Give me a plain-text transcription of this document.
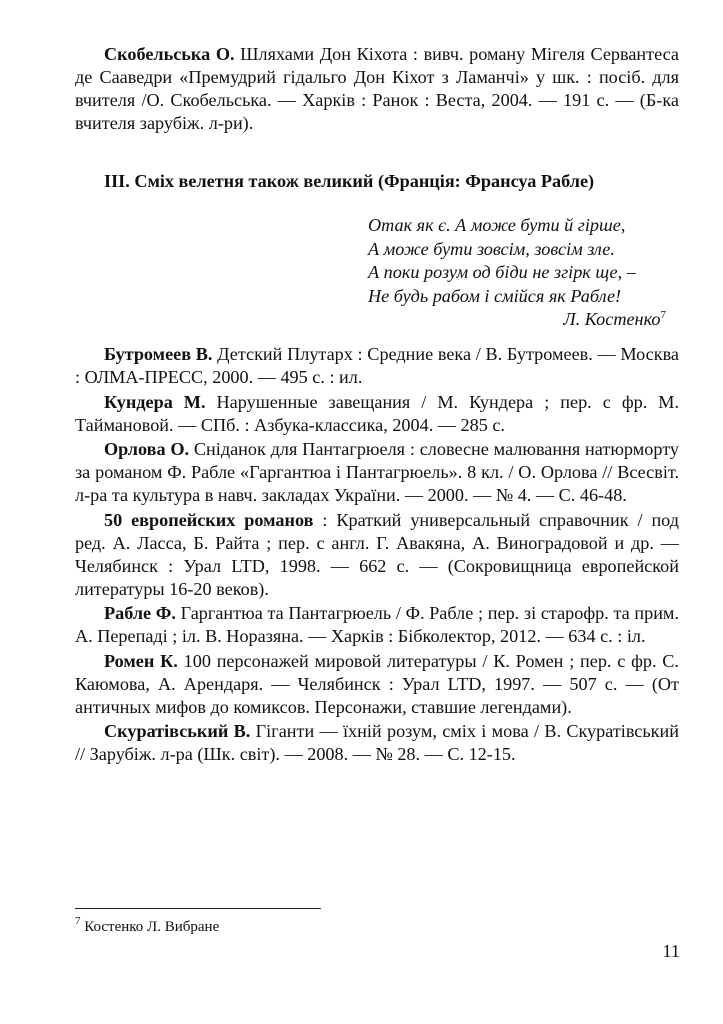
Скобельська О. Шляхами Дон Кіхота : вивч. роману Мігеля Сервантеса де Сааведри «Премудрий гідальго Дон Кіхот з Ламанчі» у шк. : посіб. для вчителя /О. Скобельська. — Харків : Ранок : Веста, 2004. — 191 с. — (Б-ка вчителя зарубіж. л-ри).

ІІІ. Сміх велетня також великий (Франція: Франсуа Рабле)

Отак як є. А може бути й гірше,
А може бути зовсім, зовсім зле.
А поки розум од біди не згірк ще, –
Не будь рабом і смійся як Рабле!
Л. Костенко$^7$

Бутромеев В. Детский Плутарх : Средние века / В. Бутромеев. — Москва : ОЛМА-ПРЕСС, 2000. — 495 с. : ил.

Кундера М. Нарушенные завещания / М. Кундера ; пер. с фр. М. Таймановой. — СПб. : Азбука-классика, 2004. — 285 с.

Орлова О. Сніданок для Пантагрюеля : словесне малювання натюрморту за романом Ф. Рабле «Гаргантюа і Пантагрюель». 8 кл. / О. Орлова // Всесвіт. л-ра та культура в навч. закладах України. — 2000. — № 4. — С. 46-48.

50 европейских романов : Краткий универсальный справочник / под ред. А. Ласса, Б. Райта ; пер. с англ. Г. Авакяна, А. Виноградовой и др. — Челябинск : Урал LTD, 1998. — 662 с. — (Сокровищница европейской литературы 16-20 веков).

Рабле Ф. Гаргантюа та Пантагрюель / Ф. Рабле ; пер. зі старофр. та прим. А. Перепаді ; іл. В. Норазяна. — Харків : Бібколектор, 2012. — 634 с. : іл.

Ромен К. 100 персонажей мировой литературы / К. Ромен ; пер. с фр. С. Каюмова, А. Арендаря. — Челябинск : Урал LTD, 1997. — 507 с. — (От античных мифов до комиксов. Персонажи, ставшие легендами).

Скуратівський В. Гіганти — їхній розум, сміх і мова / В. Скуратівський // Зарубіж. л-ра (Шк. світ). — 2008. — № 28. — С. 12-15.

$^7$ Костенко Л. Вибране

11
